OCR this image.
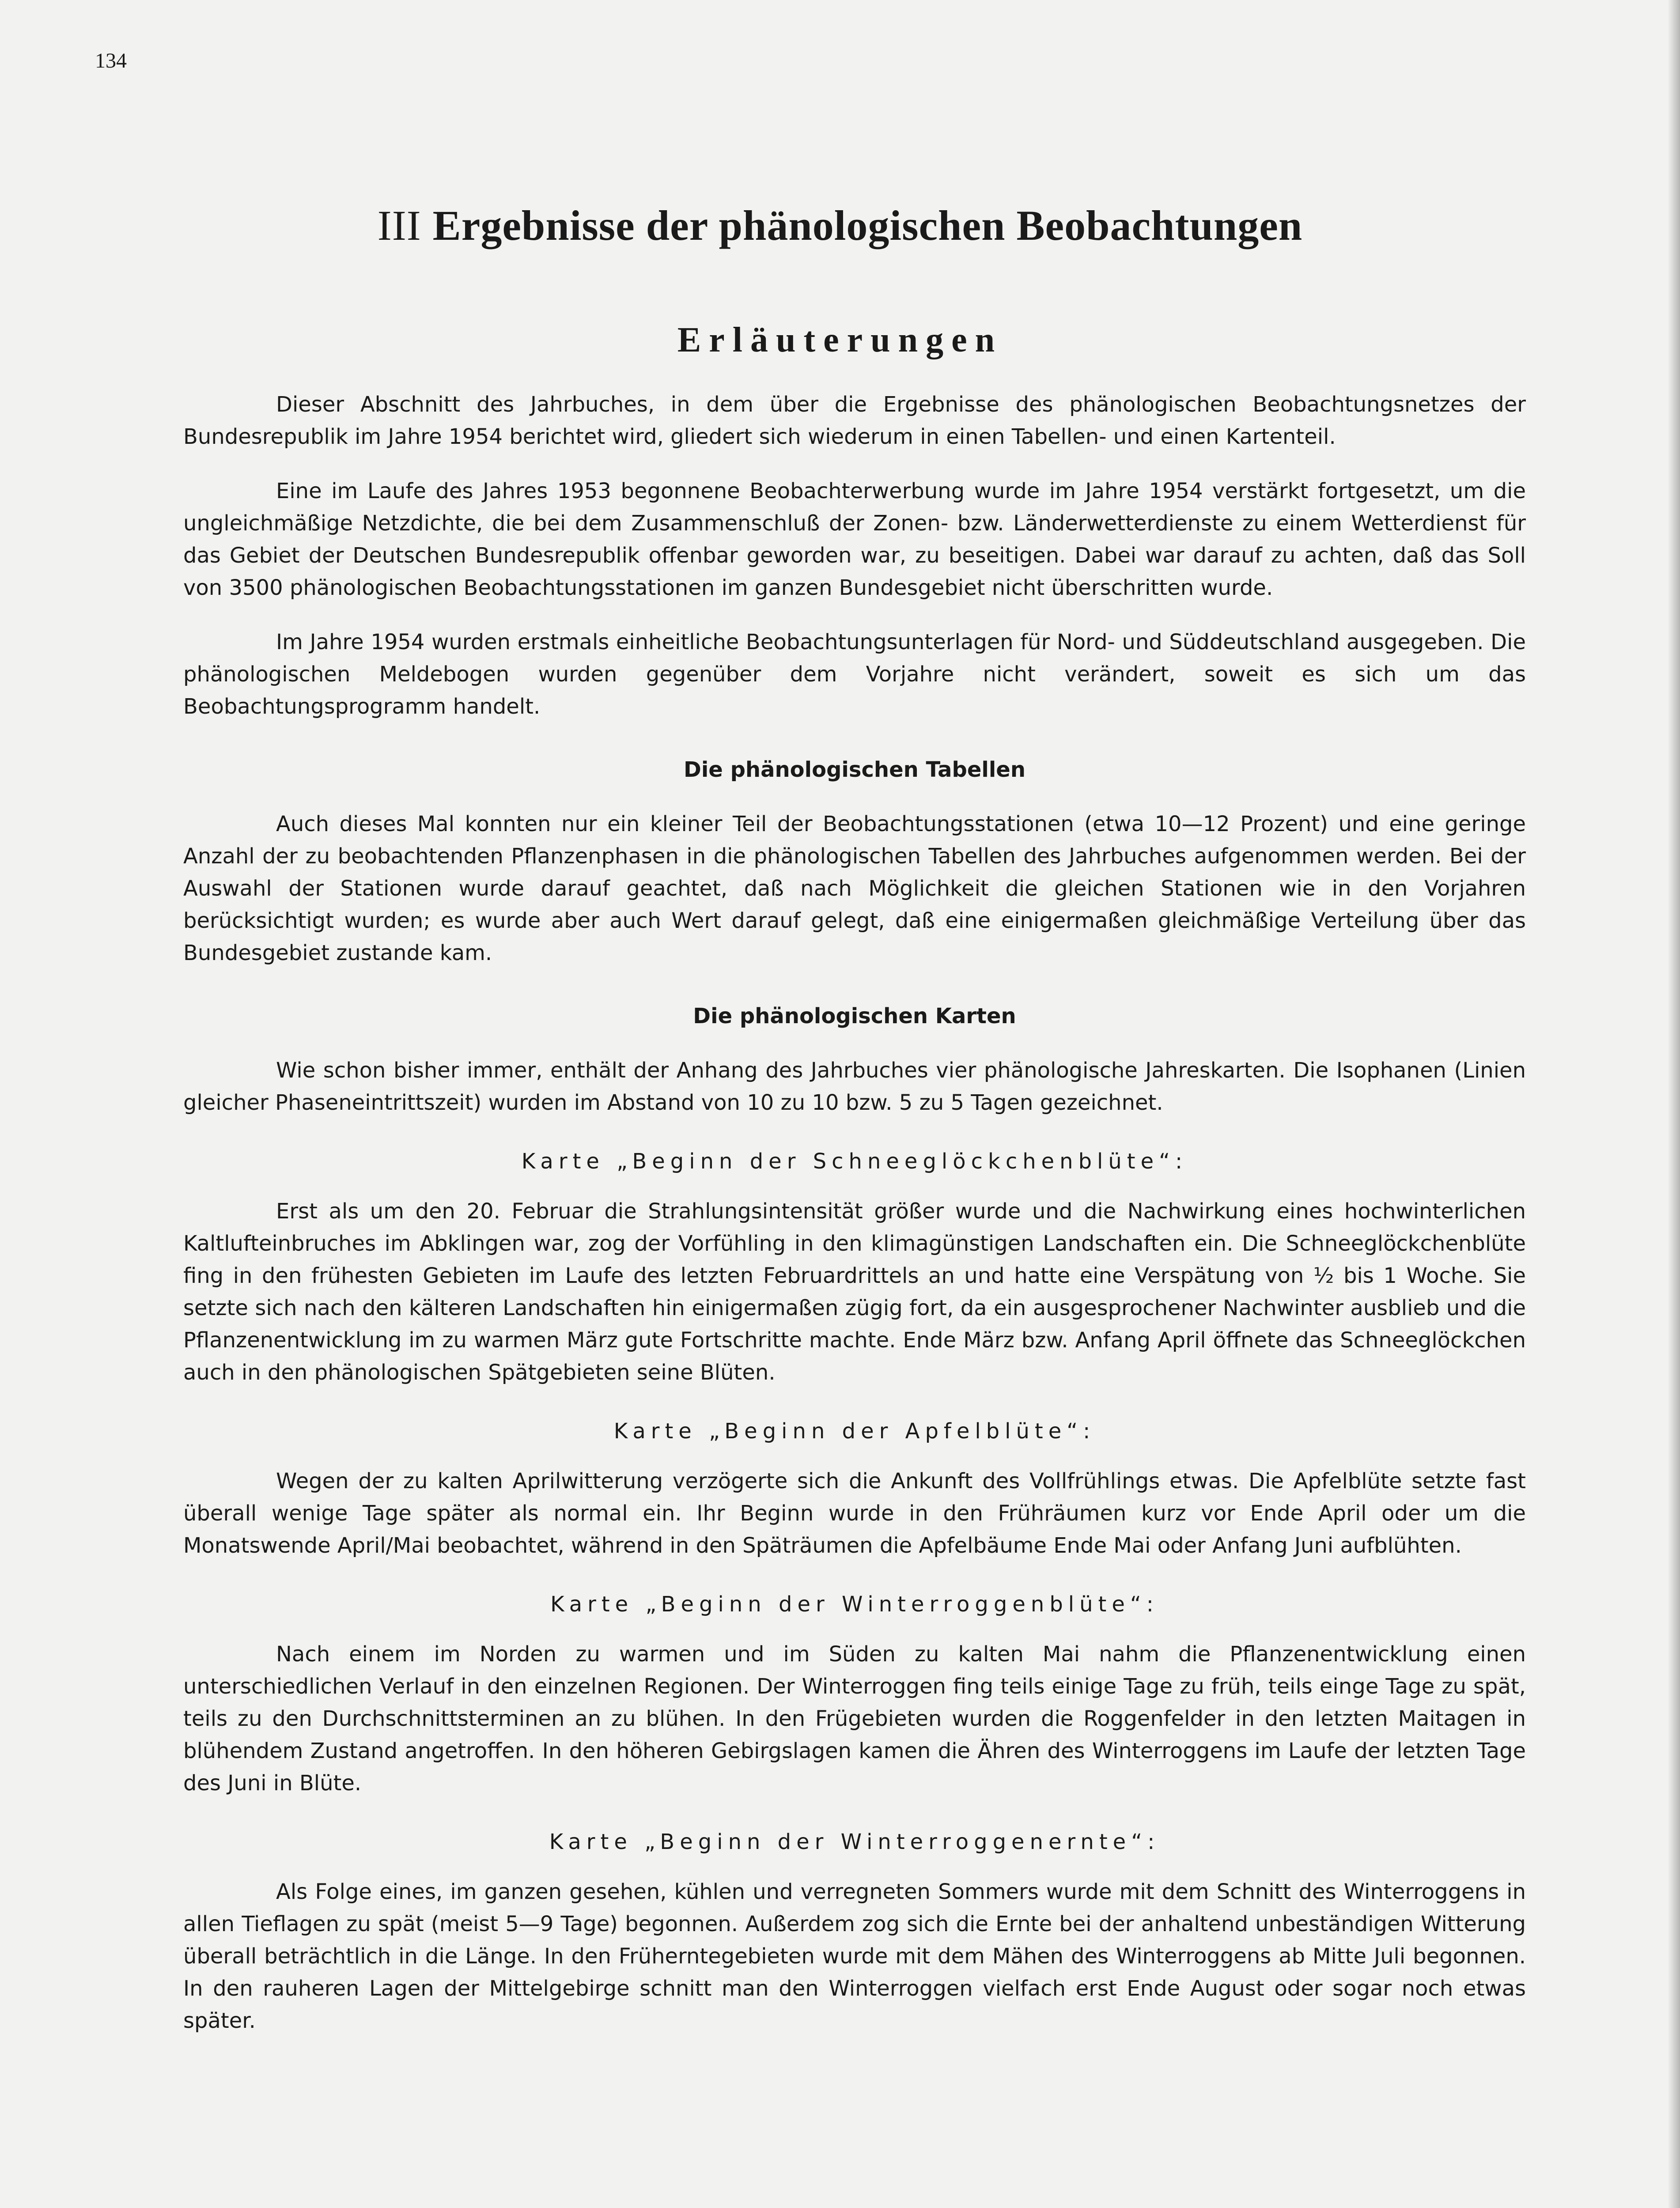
134
III Ergebnisse der phänologischen Beobachtungen
Erläuterungen

Dieser Abschnitt des Jahrbuches, in dem über die Ergebnisse des phänologischen Beobachtungsnetzes der Bundesrepublik im Jahre 1954 berichtet wird, gliedert sich wiederum in einen Tabellen- und einen Kartenteil.

Eine im Laufe des Jahres 1953 begonnene Beobachterwerbung wurde im Jahre 1954 verstärkt fortgesetzt, um die ungleichmäßige Netzdichte, die bei dem Zusammenschluß der Zonen- bzw. Länderwetterdienste zu einem Wetterdienst für das Gebiet der Deutschen Bundesrepublik offenbar geworden war, zu beseitigen. Dabei war darauf zu achten, daß das Soll von 3500 phänologischen Beobachtungsstationen im ganzen Bundesgebiet nicht überschritten wurde.

Im Jahre 1954 wurden erstmals einheitliche Beobachtungsunterlagen für Nord- und Süddeutschland ausgegeben. Die phänologischen Meldebogen wurden gegenüber dem Vorjahre nicht verändert, soweit es sich um das Beobachtungsprogramm handelt.

Die phänologischen Tabellen

Auch dieses Mal konnten nur ein kleiner Teil der Beobachtungsstationen (etwa 10—12 Prozent) und eine geringe Anzahl der zu beobachtenden Pflanzenphasen in die phänologischen Tabellen des Jahrbuches aufgenommen werden. Bei der Auswahl der Stationen wurde darauf geachtet, daß nach Möglichkeit die gleichen Stationen wie in den Vorjahren berücksichtigt wurden; es wurde aber auch Wert darauf gelegt, daß eine einigermaßen gleichmäßige Verteilung über das Bundesgebiet zustande kam.

Die phänologischen Karten

Wie schon bisher immer, enthält der Anhang des Jahrbuches vier phänologische Jahreskarten. Die Isophanen (Linien gleicher Phaseneintrittszeit) wurden im Abstand von 10 zu 10 bzw. 5 zu 5 Tagen gezeichnet.

Karte „Beginn der Schneeglöckchenblüte“:

Erst als um den 20. Februar die Strahlungsintensität größer wurde und die Nachwirkung eines hochwinterlichen Kaltlufteinbruches im Abklingen war, zog der Vorfühling in den klimagünstigen Landschaften ein. Die Schneeglöckchenblüte fing in den frühesten Gebieten im Laufe des letzten Februardrittels an und hatte eine Verspätung von ½ bis 1 Woche. Sie setzte sich nach den kälteren Landschaften hin einigermaßen zügig fort, da ein ausgesprochener Nachwinter ausblieb und die Pflanzenentwicklung im zu warmen März gute Fortschritte machte. Ende März bzw. Anfang April öffnete das Schneeglöckchen auch in den phänologischen Spätgebieten seine Blüten.

Karte „Beginn der Apfelblüte“:

Wegen der zu kalten Aprilwitterung verzögerte sich die Ankunft des Vollfrühlings etwas. Die Apfelblüte setzte fast überall wenige Tage später als normal ein. Ihr Beginn wurde in den Frühräumen kurz vor Ende April oder um die Monatswende April/Mai beobachtet, während in den Späträumen die Apfelbäume Ende Mai oder Anfang Juni aufblühten.

Karte „Beginn der Winterroggenblüte“:

Nach einem im Norden zu warmen und im Süden zu kalten Mai nahm die Pflanzenentwicklung einen unterschiedlichen Verlauf in den einzelnen Regionen. Der Winterroggen fing teils einige Tage zu früh, teils einge Tage zu spät, teils zu den Durchschnittsterminen an zu blühen. In den Frügebieten wurden die Roggenfelder in den letzten Maitagen in blühendem Zustand angetroffen. In den höheren Gebirgslagen kamen die Ähren des Winterroggens im Laufe der letzten Tage des Juni in Blüte.

Karte „Beginn der Winterroggenernte“:

Als Folge eines, im ganzen gesehen, kühlen und verregneten Sommers wurde mit dem Schnitt des Winterroggens in allen Tieflagen zu spät (meist 5—9 Tage) begonnen. Außerdem zog sich die Ernte bei der anhaltend unbeständigen Witterung überall beträchtlich in die Länge. In den Früherntegebieten wurde mit dem Mähen des Winterroggens ab Mitte Juli begonnen. In den rauheren Lagen der Mittelgebirge schnitt man den Winterroggen vielfach erst Ende August oder sogar noch etwas später.
